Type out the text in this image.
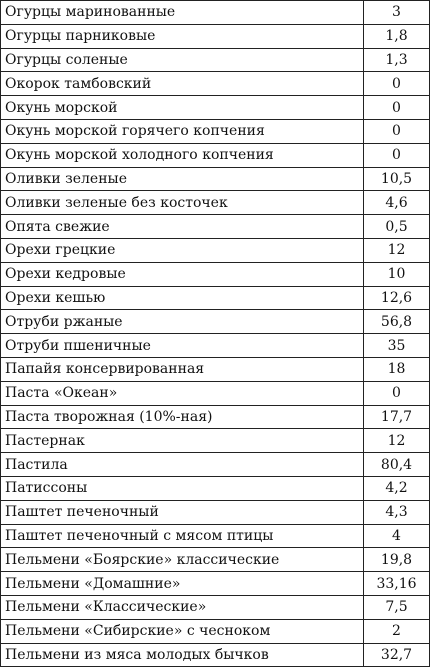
Огурцы маринованные	3
Огурцы парниковые	1,8
Огурцы соленые	1,3
Окорок тамбовский	0
Окунь морской	0
Окунь морской горячего копчения	0
Окунь морской холодного копчения	0
Оливки зеленые	10,5
Оливки зеленые без косточек	4,6
Опята свежие	0,5
Орехи грецкие	12
Орехи кедровые	10
Орехи кешью	12,6
Отруби ржаные	56,8
Отруби пшеничные	35
Папайя консервированная	18
Паста «Океан»	0
Паста творожная (10%-ная)	17,7
Пастернак	12
Пастила	80,4
Патиссоны	4,2
Паштет печеночный	4,3
Паштет печеночный с мясом птицы	4
Пельмени «Боярские» классические	19,8
Пельмени «Домашние»	33,16
Пельмени «Классические»	7,5
Пельмени «Сибирские» с чесноком	2
Пельмени из мяса молодых бычков	32,7
